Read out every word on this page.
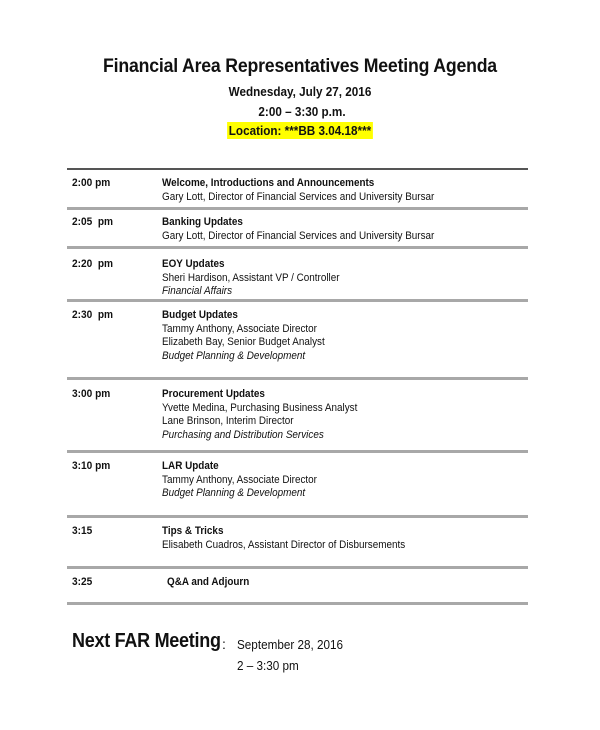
Financial Area Representatives Meeting Agenda
Wednesday, July 27, 2016
2:00 – 3:30 p.m.
Location: ***BB 3.04.18***
2:00 pm	Welcome, Introductions and Announcements
Gary Lott, Director of Financial Services and University Bursar
2:05  pm	Banking Updates
Gary Lott, Director of Financial Services and University Bursar
2:20  pm	EOY Updates
Sheri Hardison, Assistant VP / Controller
Financial Affairs
2:30  pm	Budget Updates
Tammy Anthony, Associate Director
Elizabeth Bay, Senior Budget Analyst
Budget Planning & Development
3:00 pm	Procurement Updates
Yvette Medina, Purchasing Business Analyst
Lane Brinson, Interim Director
Purchasing and Distribution Services
3:10 pm	LAR Update
Tammy Anthony, Associate Director
Budget Planning & Development
3:15	Tips & Tricks
Elisabeth Cuadros, Assistant Director of Disbursements
3:25	Q&A and Adjourn
Next FAR Meeting : September 28, 2016
2 – 3:30 pm
